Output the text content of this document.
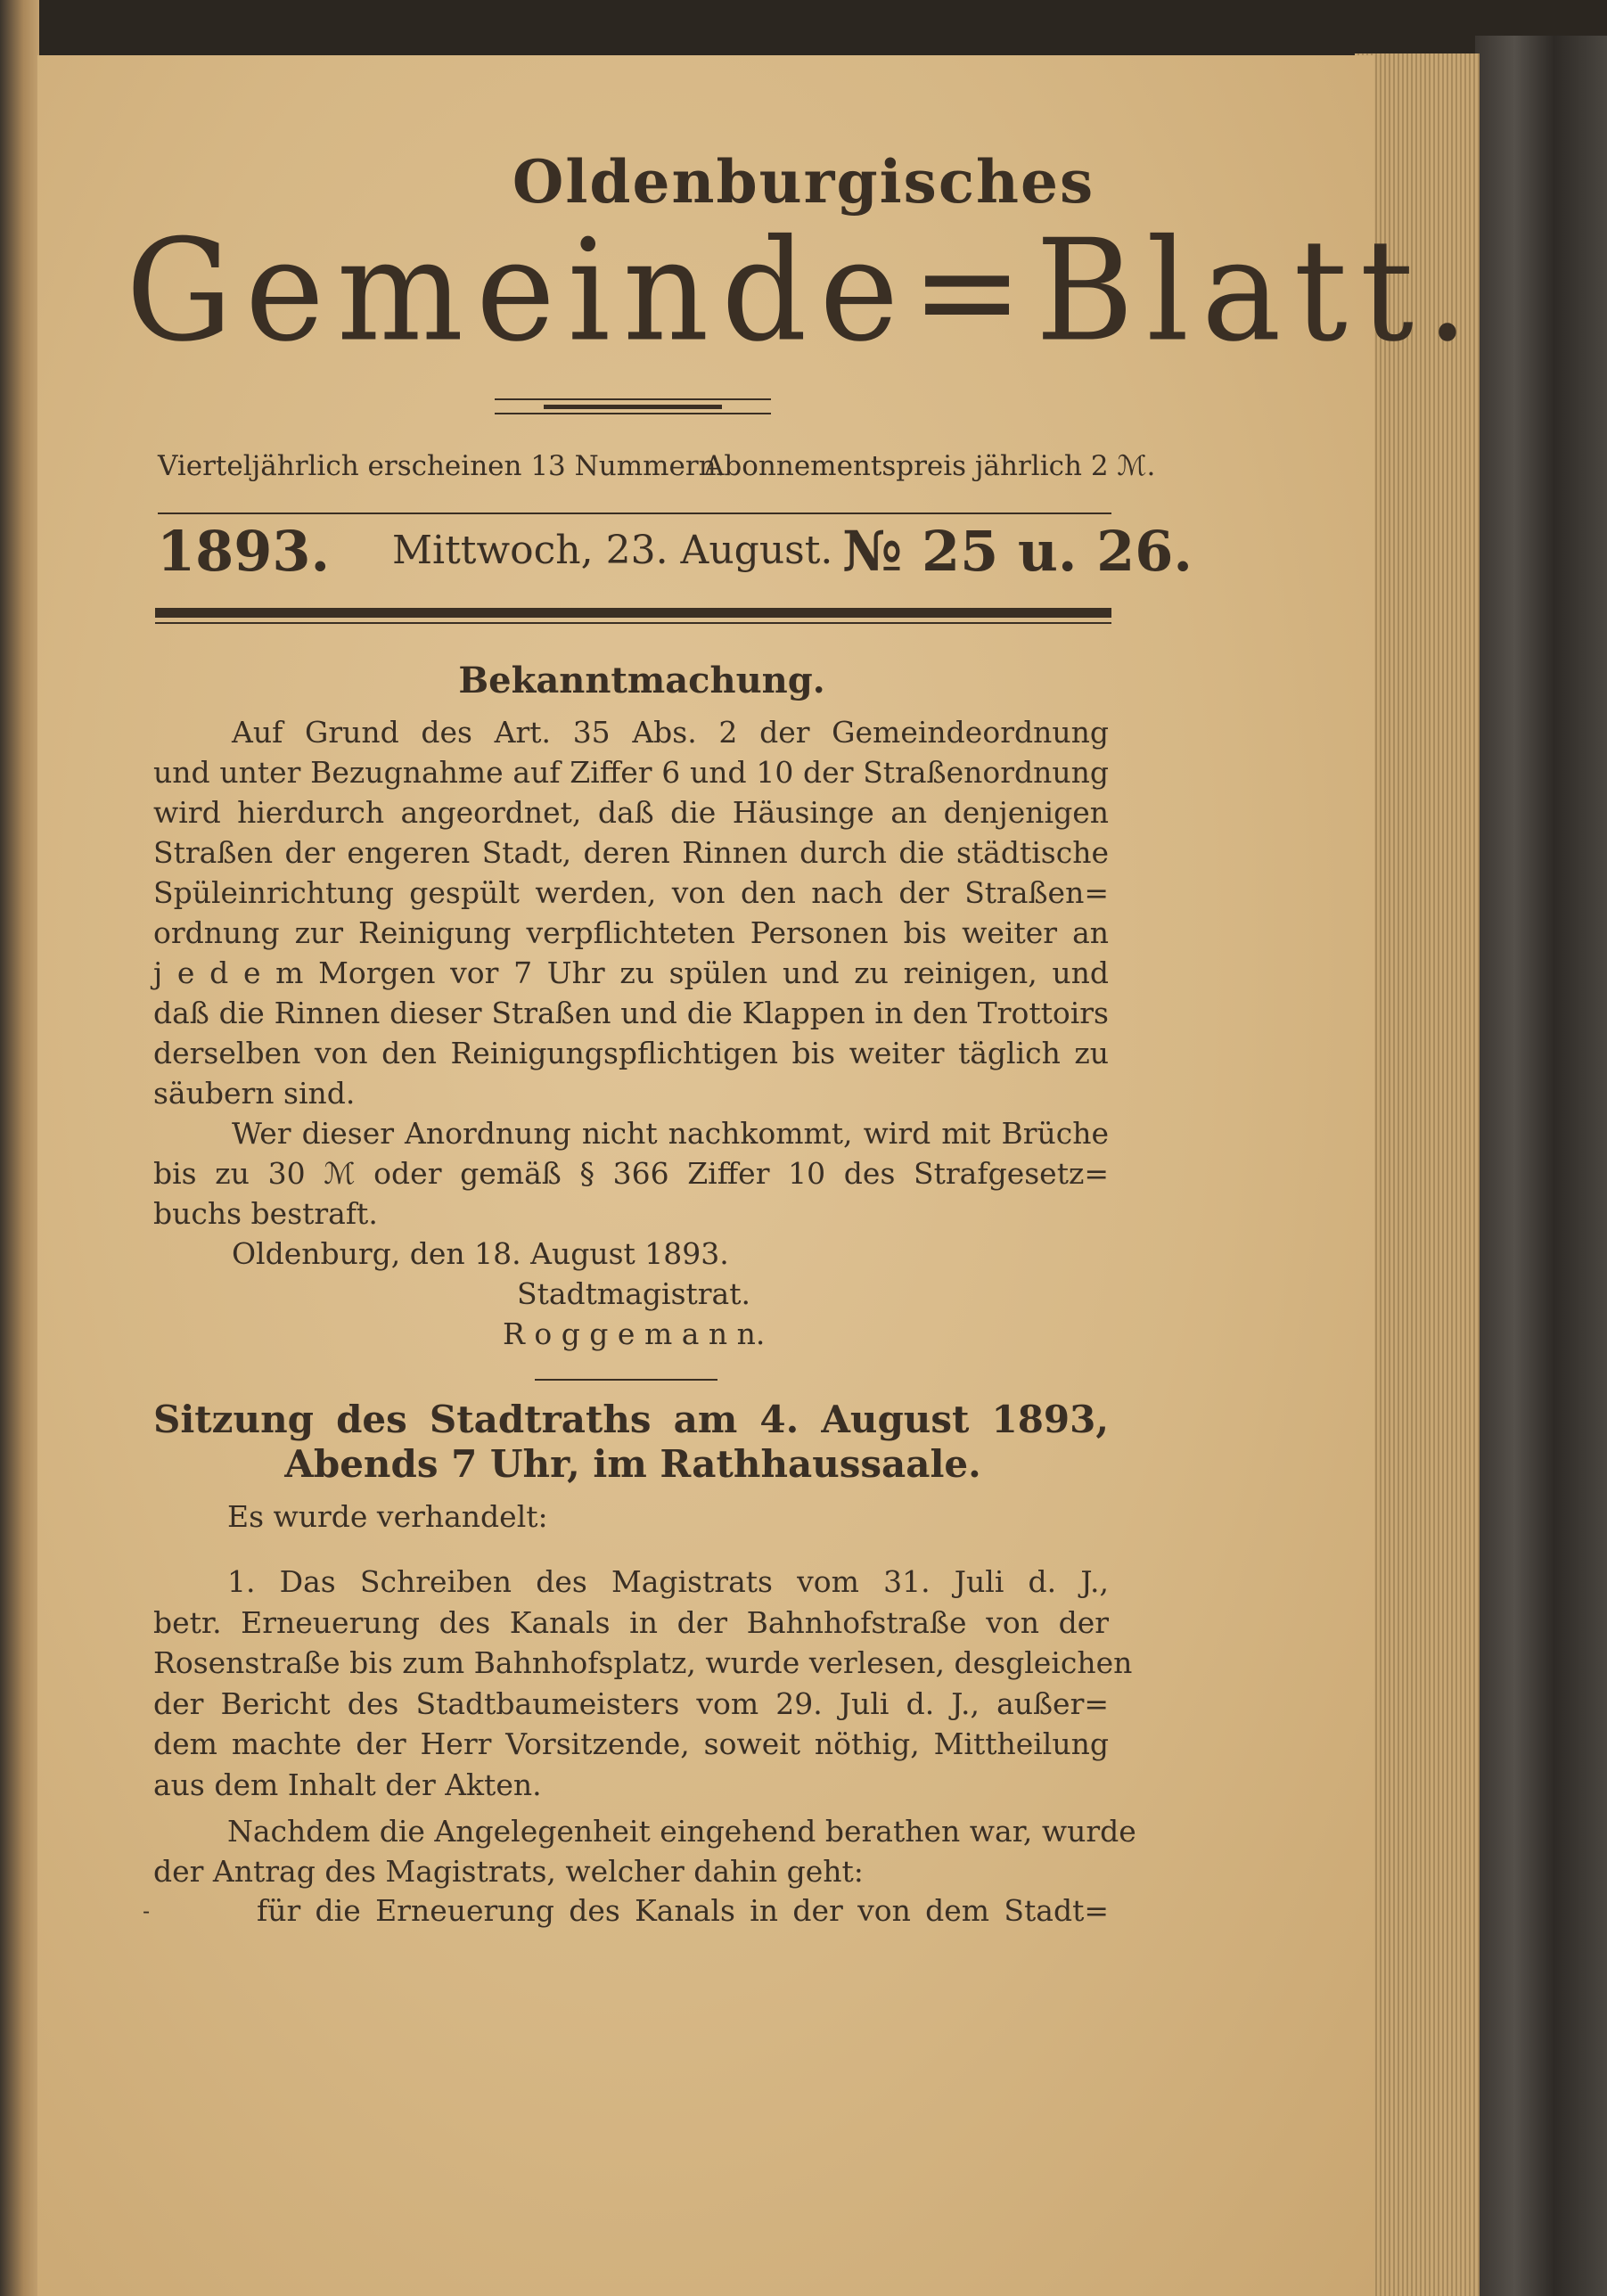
Oldenburgisches
Gemeinde=Blatt.
Vierteljährlich erscheinen 13 Nummern.
Abonnementspreis jährlich 2 ℳ.
1893. Mittwoch, 23. August. № 25 u. 26.
Bekanntmachung.
Auf Grund des Art. 35 Abs. 2 der Gemeindeordnung
und unter Bezugnahme auf Ziffer 6 und 10 der Straßenordnung
wird hierdurch angeordnet, daß die Häusinge an denjenigen
Straßen der engeren Stadt, deren Rinnen durch die städtische
Spüleinrichtung gespült werden, von den nach der Straßen=
ordnung zur Reinigung verpflichteten Personen bis weiter an
j e d e m Morgen vor 7 Uhr zu spülen und zu reinigen, und
daß die Rinnen dieser Straßen und die Klappen in den Trottoirs
derselben von den Reinigungspflichtigen bis weiter täglich zu
säubern sind.
Wer dieser Anordnung nicht nachkommt, wird mit Brüche
bis zu 30 ℳ oder gemäß § 366 Ziffer 10 des Strafgesetz=
buchs bestraft.
Oldenburg, den 18. August 1893.
Stadtmagistrat.
R o g g e m a n n.
Sitzung des Stadtraths am 4. August 1893,
Abends 7 Uhr, im Rathhaussaale.
Es wurde verhandelt:
1. Das Schreiben des Magistrats vom 31. Juli d. J.,
betr. Erneuerung des Kanals in der Bahnhofstraße von der
Rosenstraße bis zum Bahnhofsplatz, wurde verlesen, desgleichen
der Bericht des Stadtbaumeisters vom 29. Juli d. J., außer=
dem machte der Herr Vorsitzende, soweit nöthig, Mittheilung
aus dem Inhalt der Akten.
Nachdem die Angelegenheit eingehend berathen war, wurde
der Antrag des Magistrats, welcher dahin geht:
für die Erneuerung des Kanals in der von dem Stadt=
-
